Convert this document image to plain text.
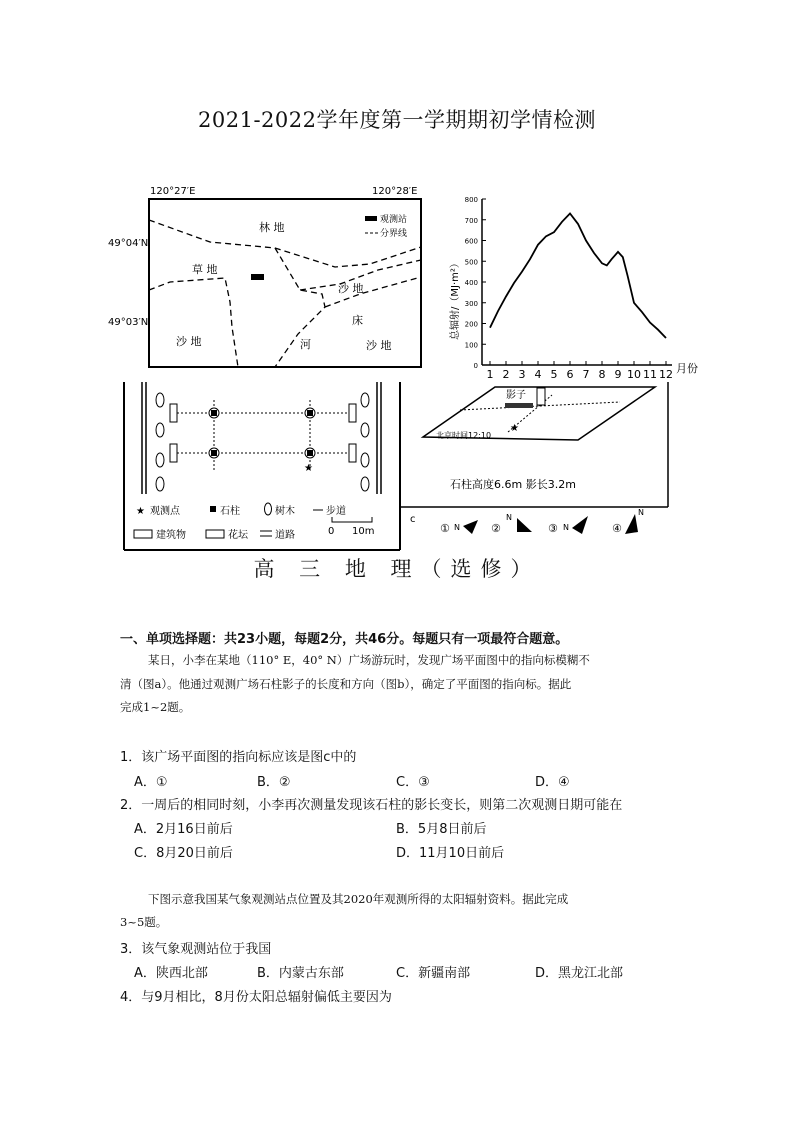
2021-2022学年度第一学期期初学情检测
120°27′E	120°28′E
49°04′N
49°03′N
观测站
分界线
林 地
草 地
沙 地
沙 地	沙 地
床
河
800
700
600
500
400
300
200
100
0
1 2 3 4 5 6 7 8 9 10 11 12 月份
总辐射/（MJ·m²）
★
★ 观测点	石柱	树木	步道
建筑物	花坛	道路	0 10m
影子
★
北京时间12:10
石柱高度6.6m 影长3.2m
c
① N	②
N
③ N	④
N
高 三 地 理（选修）
一、单项选择题：共23小题，每题2分，共46分。每题只有一项最符合题意。
某日，小李在某地（110° E，40° N）广场游玩时，发现广场平面图中的指向标模糊不
清（图a）。他通过观测广场石柱影子的长度和方向（图b），确定了平面图的指向标。据此
完成1~2题。
1．该广场平面图的指向标应该是图c中的
A．①	B．②	C．③	D．④
2．一周后的相同时刻，小李再次测量发现该石柱的影长变长，则第二次观测日期可能在
A．2月16日前后	B．5月8日前后
C．8月20日前后	D．11月10日前后
下图示意我国某气象观测站点位置及其2020年观测所得的太阳辐射资料。据此完成
3~5题。
3．该气象观测站位于我国
A．陕西北部	B．内蒙古东部	C．新疆南部	D．黑龙江北部
4．与9月相比，8月份太阳总辐射偏低主要因为
